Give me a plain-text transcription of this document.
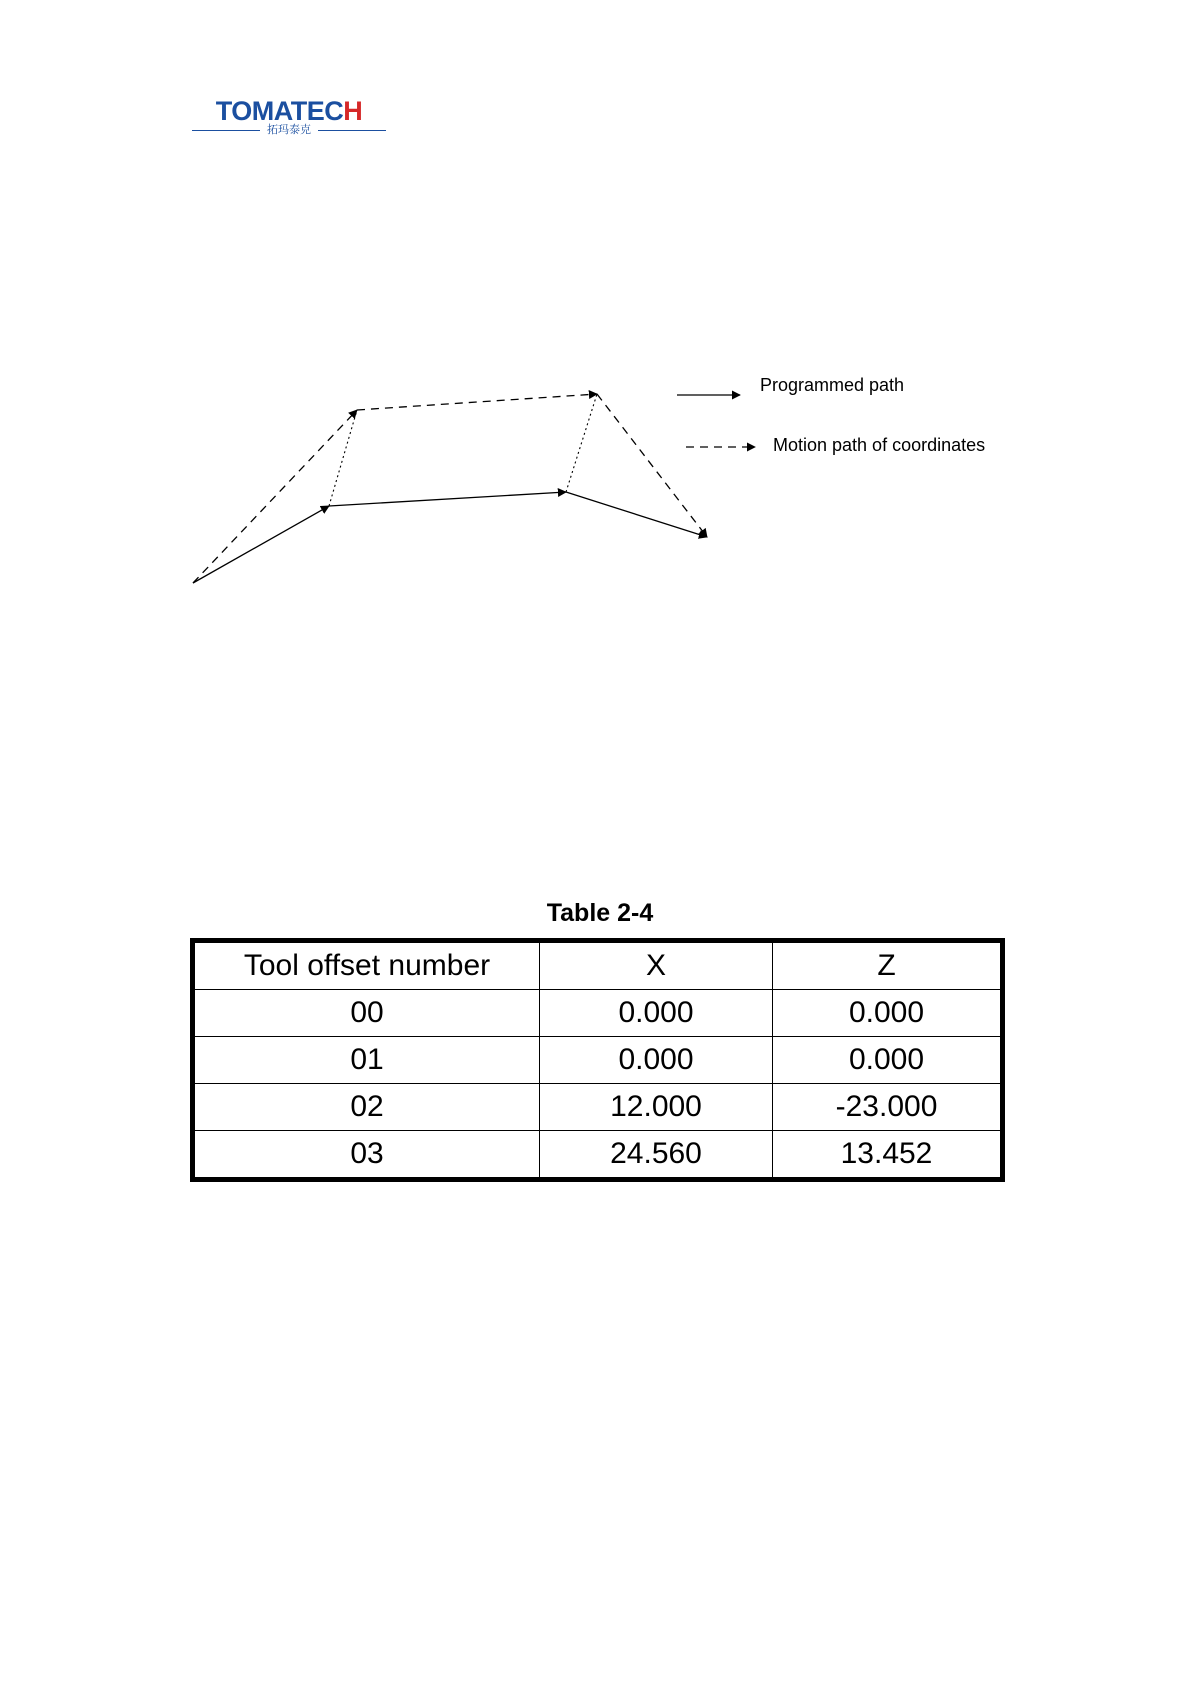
TOMATECH
拓玛泰克
Programmed path
Motion path of coordinates
Table 2-4
Tool offset number	X	Z
00	0.000	0.000
01	0.000	0.000
02	12.000	-23.000
03	24.560	13.452
